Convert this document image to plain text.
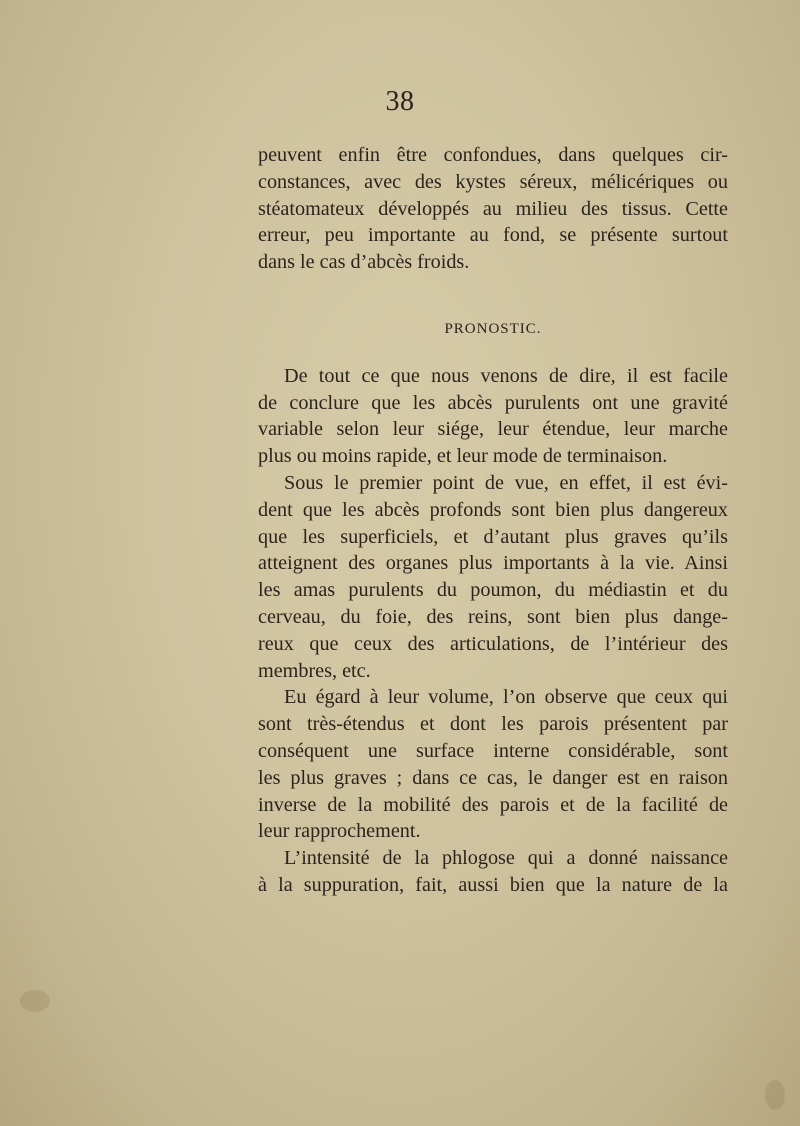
38
peuvent enfin être confondues, dans quelques cir-
constances, avec des kystes séreux, mélicériques ou
stéatomateux développés au milieu des tissus. Cette
erreur, peu importante au fond, se présente surtout
dans le cas d’abcès froids.
PRONOSTIC.
De tout ce que nous venons de dire, il est facile
de conclure que les abcès purulents ont une gravité
variable selon leur siége, leur étendue, leur marche
plus ou moins rapide, et leur mode de terminaison.
Sous le premier point de vue, en effet, il est évi-
dent que les abcès profonds sont bien plus dangereux
que les superficiels, et d’autant plus graves qu’ils
atteignent des organes plus importants à la vie. Ainsi
les amas purulents du poumon, du médiastin et du
cerveau, du foie, des reins, sont bien plus dange-
reux que ceux des articulations, de l’intérieur des
membres, etc.
Eu égard à leur volume, l’on observe que ceux qui
sont très-étendus et dont les parois présentent par
conséquent une surface interne considérable, sont
les plus graves ; dans ce cas, le danger est en raison
inverse de la mobilité des parois et de la facilité de
leur rapprochement.
L’intensité de la phlogose qui a donné naissance
à la suppuration, fait, aussi bien que la nature de la
